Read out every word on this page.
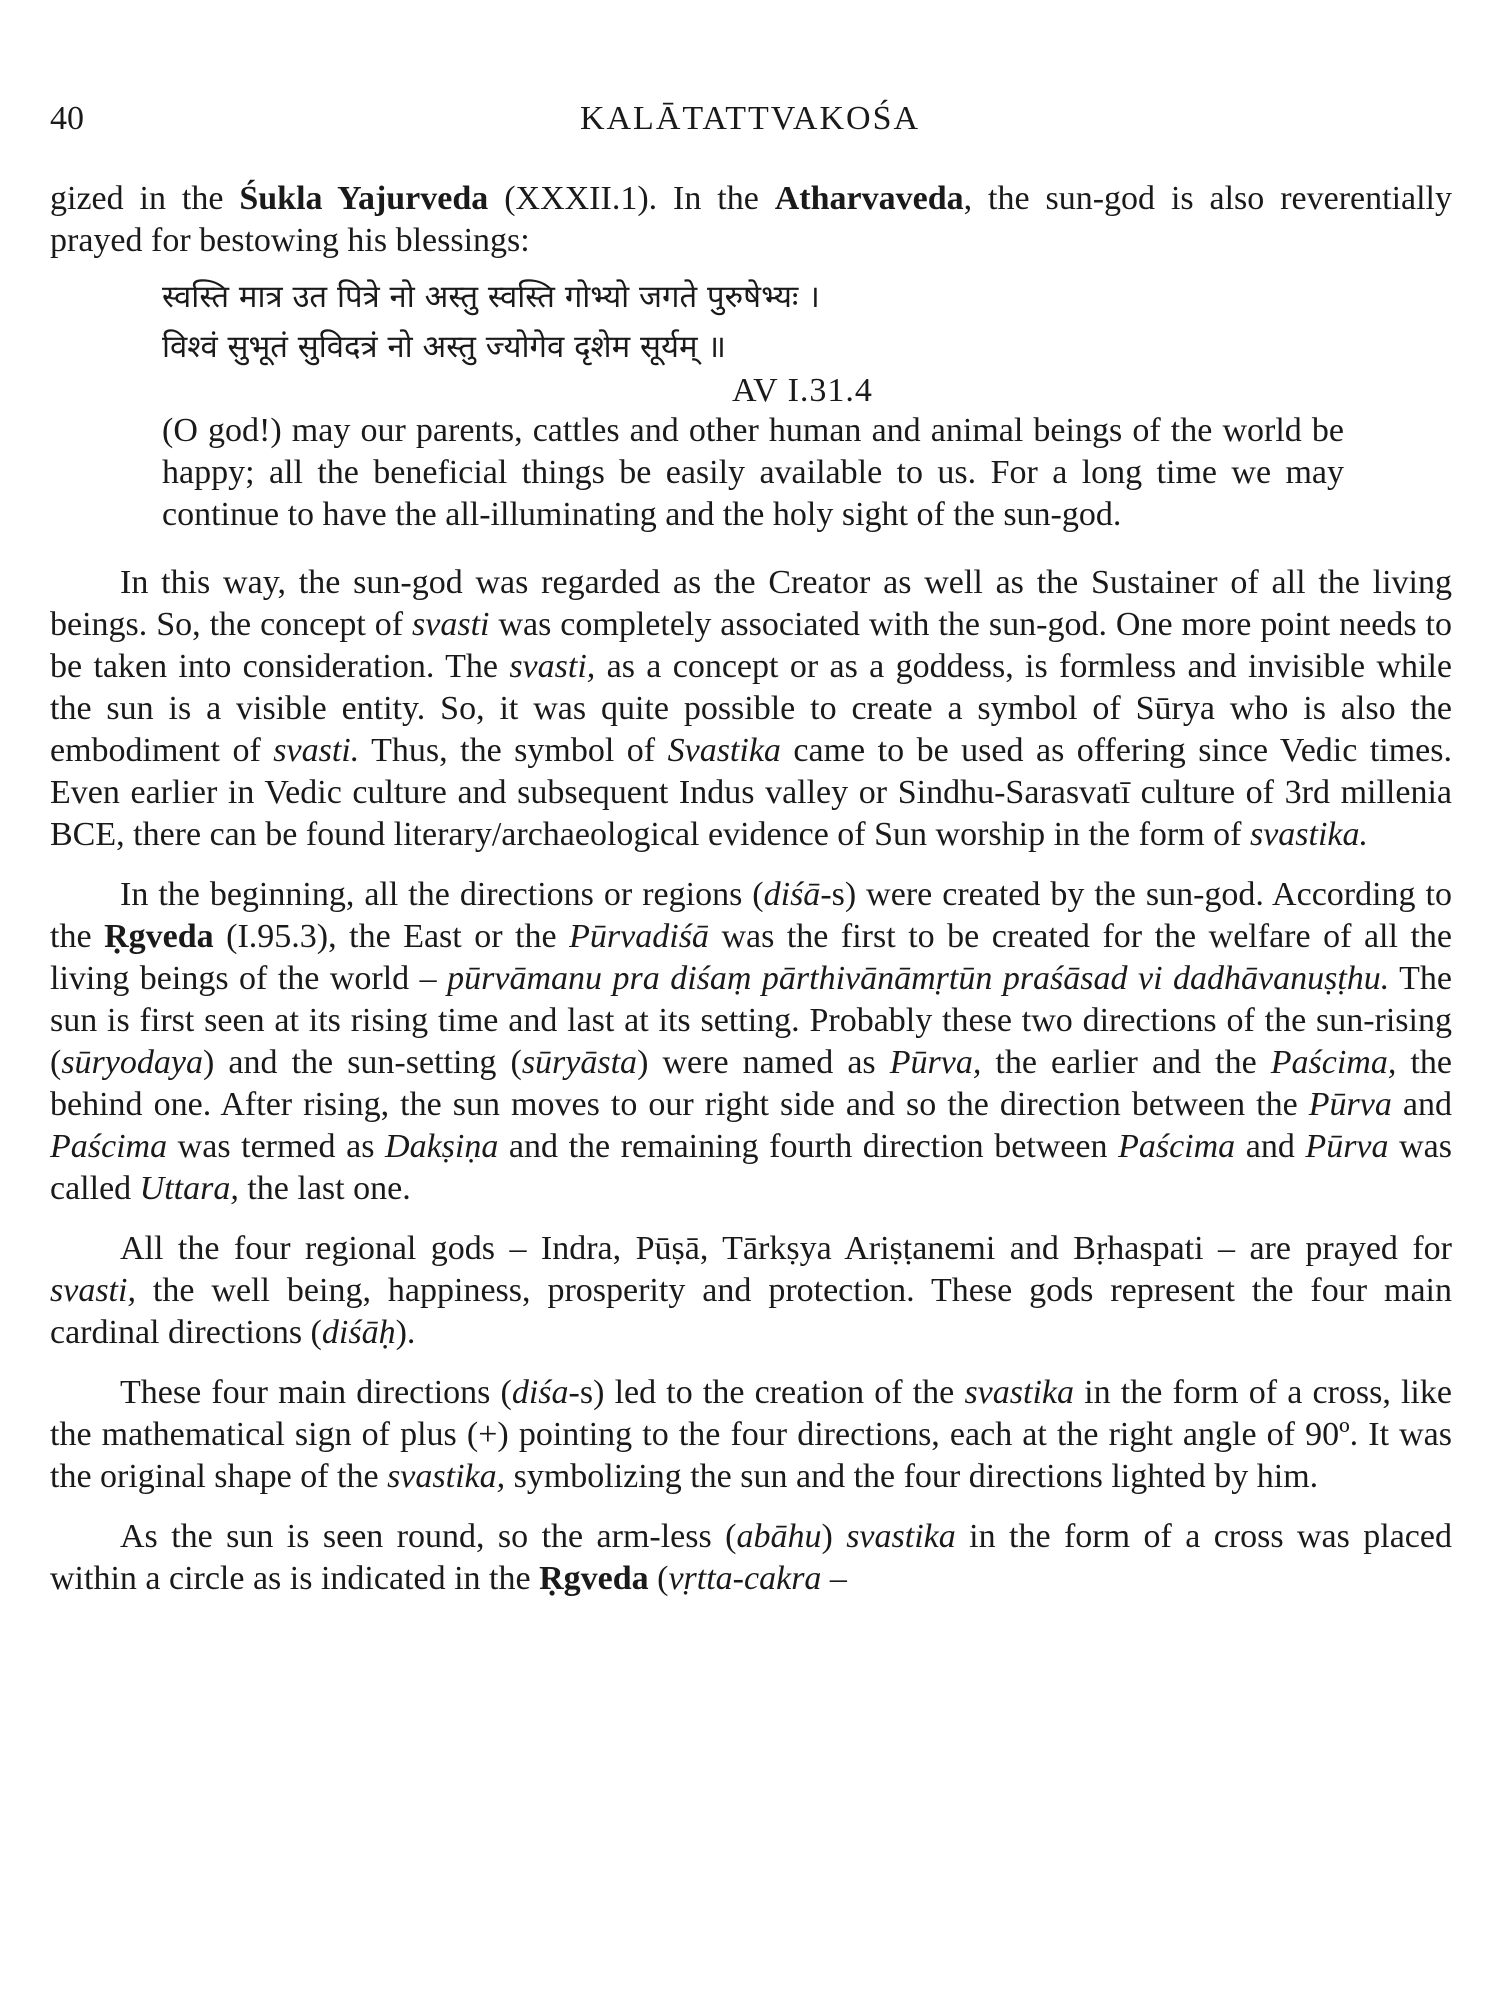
40	KALĀTATTVAKOŚA

gized in the Śukla Yajurveda (XXXII.1). In the Atharvaveda, the sun-god is also reverentially prayed for bestowing his blessings:

स्वस्ति मात्र उत पित्रे नो अस्तु स्वस्ति गोभ्यो जगते पुरुषेभ्यः ।
विश्वं सुभूतं सुविदत्रं नो अस्तु ज्योगेव दृशेम सूर्यम् ॥
AV I.31.4
(O god!) may our parents, cattles and other human and animal beings of the world be happy; all the beneficial things be easily available to us. For a long time we may continue to have the all-illuminating and the holy sight of the sun-god.

In this way, the sun-god was regarded as the Creator as well as the Sustainer of all the living beings. So, the concept of svasti was completely associated with the sun-god. One more point needs to be taken into consideration. The svasti, as a concept or as a goddess, is formless and invisible while the sun is a visible entity. So, it was quite possible to create a symbol of Sūrya who is also the embodiment of svasti. Thus, the symbol of Svastika came to be used as offering since Vedic times. Even earlier in Vedic culture and subsequent Indus valley or Sindhu-Sarasvatī culture of 3rd millenia BCE, there can be found literary/archaeological evidence of Sun worship in the form of svastika.

In the beginning, all the directions or regions (diśā-s) were created by the sun-god. According to the Ṛgveda (I.95.3), the East or the Pūrvadiśā was the first to be created for the welfare of all the living beings of the world – pūrvāmanu pra diśaṃ pārthivānāmṛtūn praśāsad vi dadhāvanuṣṭhu. The sun is first seen at its rising time and last at its setting. Probably these two directions of the sun-rising (sūryodaya) and the sun-setting (sūryāsta) were named as Pūrva, the earlier and the Paścima, the behind one. After rising, the sun moves to our right side and so the direction between the Pūrva and Paścima was termed as Dakṣiṇa and the remaining fourth direction between Paścima and Pūrva was called Uttara, the last one.

All the four regional gods – Indra, Pūṣā, Tārkṣya Ariṣṭanemi and Bṛhaspati – are prayed for svasti, the well being, happiness, prosperity and protection. These gods represent the four main cardinal directions (diśāḥ).

These four main directions (diśa-s) led to the creation of the svastika in the form of a cross, like the mathematical sign of plus (+) pointing to the four directions, each at the right angle of 90º. It was the original shape of the svastika, symbolizing the sun and the four directions lighted by him.

As the sun is seen round, so the arm-less (abāhu) svastika in the form of a cross was placed within a circle as is indicated in the Ṛgveda (vṛtta-cakra –
